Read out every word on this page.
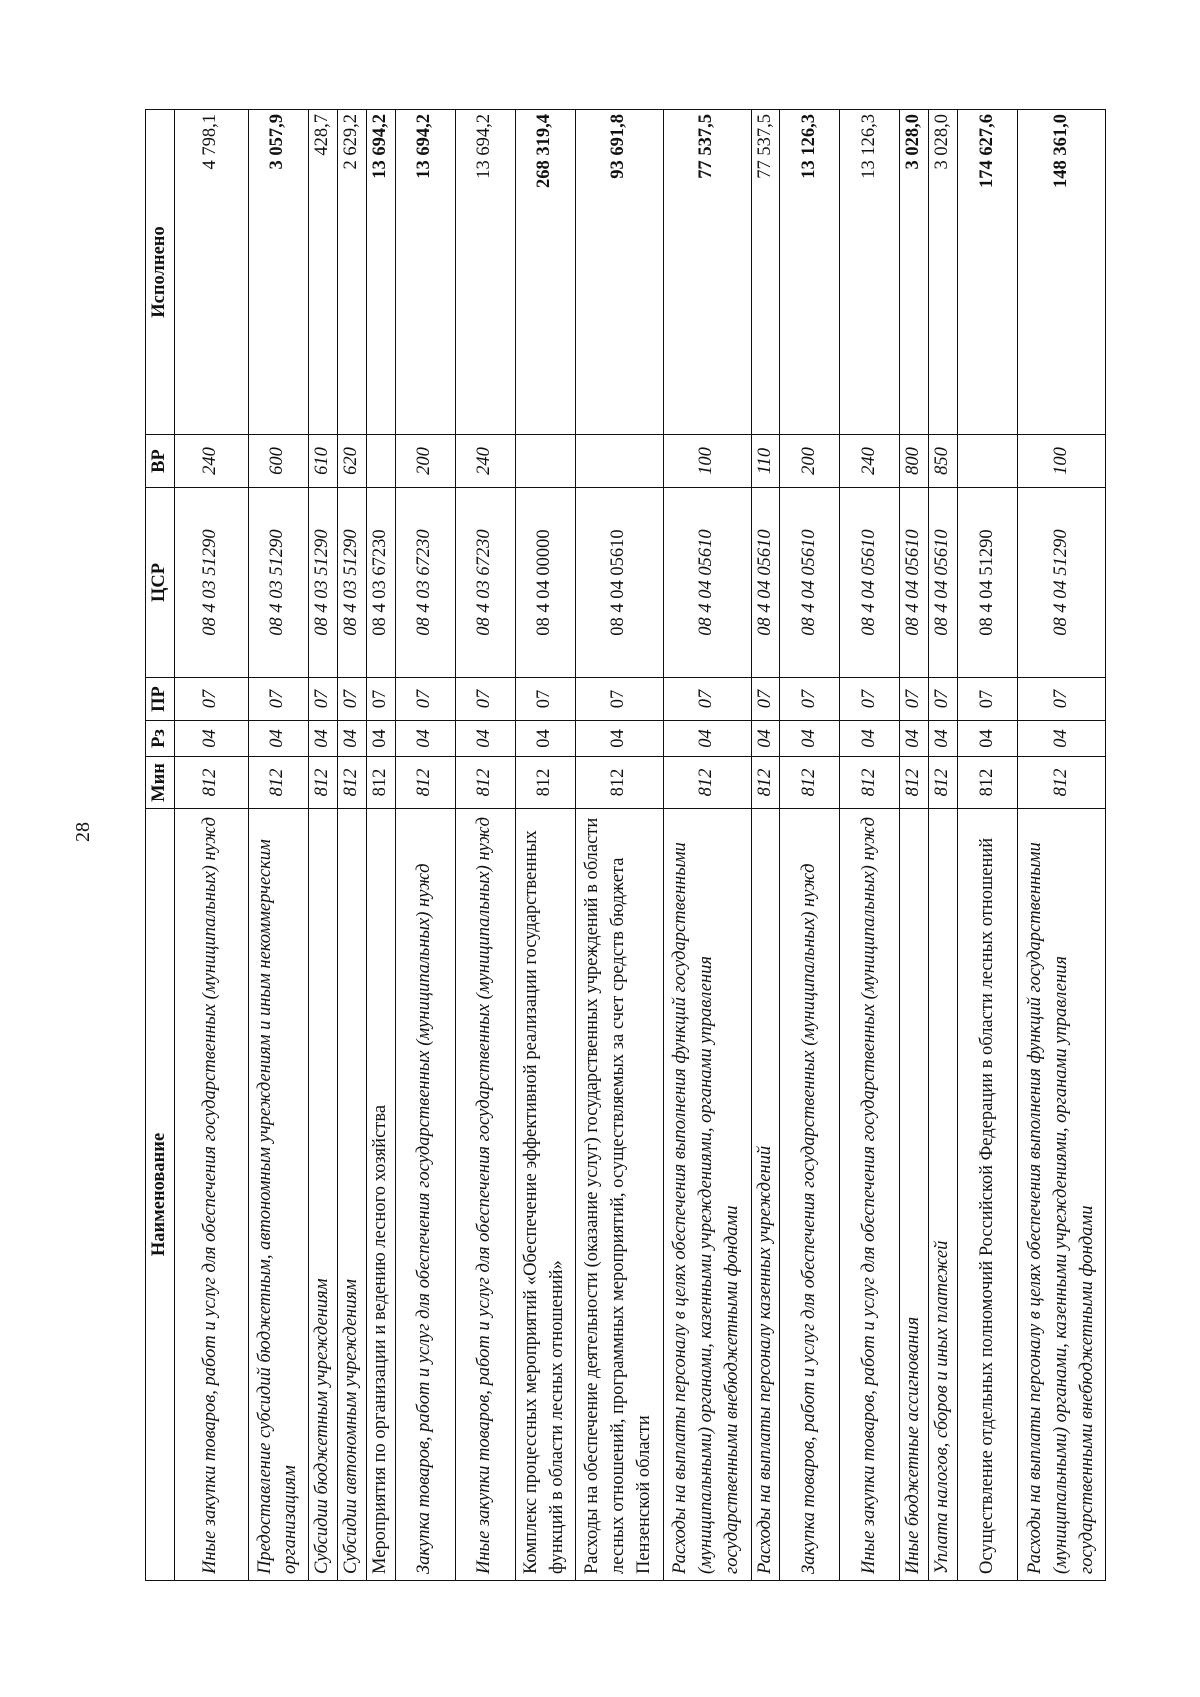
28
Наименование	Мин	Рз	ПР	ЦСР	ВР	Исполнено
Иные закупки товаров, работ и услуг для обеспечения государственных (муниципальных) нужд	812	04	07	08 4 03 51290	240	4 798,1
Предоставление субсидий бюджетным, автономным учреждениям и иным некоммерческим организациям	812	04	07	08 4 03 51290	600	3 057,9
Субсидии бюджетным учреждениям	812	04	07	08 4 03 51290	610	428,7
Субсидии автономным учреждениям	812	04	07	08 4 03 51290	620	2 629,2
Мероприятия по организации и ведению лесного хозяйства	812	04	07	08 4 03 67230		13 694,2
Закупка товаров, работ и услуг для обеспечения государственных (муниципальных) нужд	812	04	07	08 4 03 67230	200	13 694,2
Иные закупки товаров, работ и услуг для обеспечения государственных (муниципальных) нужд	812	04	07	08 4 03 67230	240	13 694,2
Комплекс процессных мероприятий «Обеспечение эффективной реализации государственных функций в области лесных отношений»	812	04	07	08 4 04 00000		268 319,4
Расходы на обеспечение деятельности (оказание услуг) государственных учреждений в области лесных отношений, программных мероприятий, осуществляемых за счет средств бюджета Пензенской области	812	04	07	08 4 04 05610		93 691,8
Расходы на выплаты персоналу в целях обеспечения выполнения функций государственными (муниципальными) органами, казенными учреждениями, органами управления государственными внебюджетными фондами	812	04	07	08 4 04 05610	100	77 537,5
Расходы на выплаты персоналу казенных учреждений	812	04	07	08 4 04 05610	110	77 537,5
Закупка товаров, работ и услуг для обеспечения государственных (муниципальных) нужд	812	04	07	08 4 04 05610	200	13 126,3
Иные закупки товаров, работ и услуг для обеспечения государственных (муниципальных) нужд	812	04	07	08 4 04 05610	240	13 126,3
Иные бюджетные ассигнования	812	04	07	08 4 04 05610	800	3 028,0
Уплата налогов, сборов и иных платежей	812	04	07	08 4 04 05610	850	3 028,0
Осуществление отдельных полномочий Российской Федерации в области лесных отношений	812	04	07	08 4 04 51290		174 627,6
Расходы на выплаты персоналу в целях обеспечения выполнения функций государственными (муниципальными) органами, казенными учреждениями, органами управления государственными внебюджетными фондами	812	04	07	08 4 04 51290	100	148 361,0
